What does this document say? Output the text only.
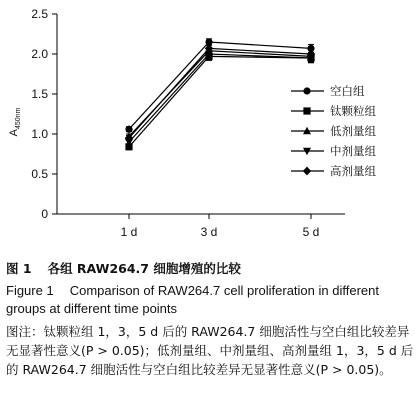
0
0.5
1.0
1.5
2.0
2.5
1 d	3 d	5 d
$A_{450nm}$
空白组
钛颗粒组
低剂量组
中剂量组
高剂量组
图 1 各组 RAW264.7 细胞增殖的比较
Figure 1 Comparison of RAW264.7 cell proliferation in different groups at different time points
图注：钛颗粒组 1，3，5 d 后的 RAW264.7 细胞活性与空白组比较差异无显著性意义(P > 0.05)；低剂量组、中剂量组、高剂量组 1，3，5 d 后的 RAW264.7 细胞活性与空白组比较差异无显著性意义(P > 0.05)。
